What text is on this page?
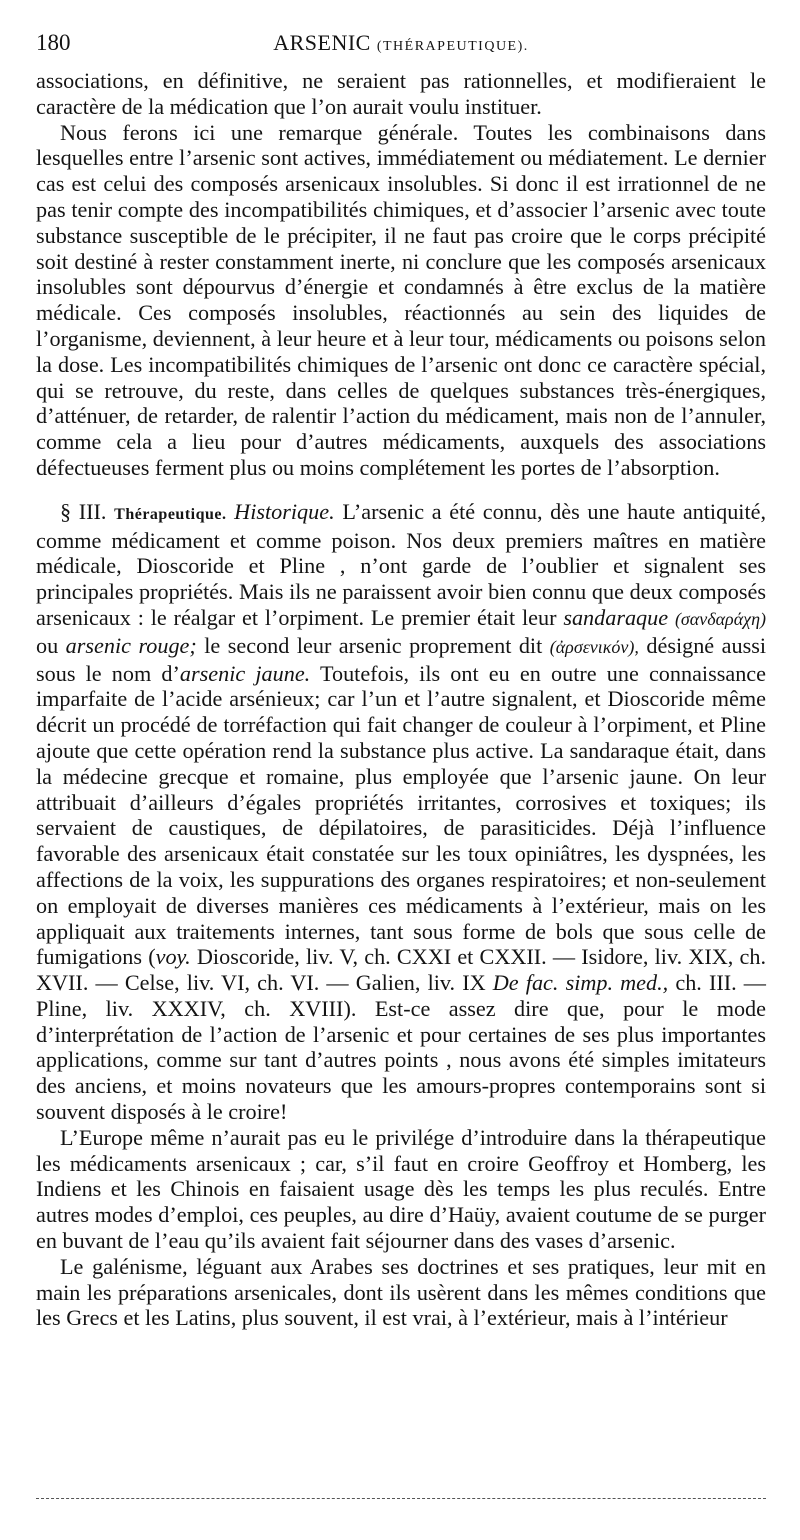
180	ARSENIC (THÉRAPEUTIQUE).

associations, en définitive, ne seraient pas rationnelles, et modifieraient le caractère de la médication que l’on aurait voulu instituer.

Nous ferons ici une remarque générale. Toutes les combinaisons dans lesquelles entre l’arsenic sont actives, immédiatement ou médiatement. Le dernier cas est celui des composés arsenicaux insolubles. Si donc il est irrationnel de ne pas tenir compte des incompatibilités chimiques, et d’associer l’arsenic avec toute substance susceptible de le précipiter, il ne faut pas croire que le corps précipité soit destiné à rester constamment inerte, ni conclure que les composés arsenicaux insolubles sont dépourvus d’énergie et condamnés à être exclus de la matière médicale. Ces composés insolubles, réactionnés au sein des liquides de l’organisme, deviennent, à leur heure et à leur tour, médicaments ou poisons selon la dose. Les incompatibilités chimiques de l’arsenic ont donc ce caractère spécial, qui se retrouve, du reste, dans celles de quelques substances très-énergiques, d’atténuer, de retarder, de ralentir l’action du médicament, mais non de l’annuler, comme cela a lieu pour d’autres médicaments, auxquels des associations défectueuses ferment plus ou moins complétement les portes de l’absorption.

§ III. Thérapeutique. Historique. L’arsenic a été connu, dès une haute antiquité, comme médicament et comme poison. Nos deux premiers maîtres en matière médicale, Dioscoride et Pline , n’ont garde de l’oublier et signalent ses principales propriétés. Mais ils ne paraissent avoir bien connu que deux composés arsenicaux : le réalgar et l’orpiment. Le premier était leur sandaraque (σανδαράχη) ou arsenic rouge; le second leur arsenic proprement dit (ἀρσενικόν), désigné aussi sous le nom d’arsenic jaune. Toutefois, ils ont eu en outre une connaissance imparfaite de l’acide arsénieux; car l’un et l’autre signalent, et Dioscoride même décrit un procédé de torréfaction qui fait changer de couleur à l’orpiment, et Pline ajoute que cette opération rend la substance plus active. La sandaraque était, dans la médecine grecque et romaine, plus employée que l’arsenic jaune. On leur attribuait d’ailleurs d’égales propriétés irritantes, corrosives et toxiques; ils servaient de caustiques, de dépilatoires, de parasiticides. Déjà l’influence favorable des arsenicaux était constatée sur les toux opiniâtres, les dyspnées, les affections de la voix, les suppurations des organes respiratoires; et non-seulement on employait de diverses manières ces médicaments à l’extérieur, mais on les appliquait aux traitements internes, tant sous forme de bols que sous celle de fumigations (voy. Dioscoride, liv. V, ch. CXXI et CXXII. — Isidore, liv. XIX, ch. XVII. — Celse, liv. VI, ch. VI. — Galien, liv. IX De fac. simp. med., ch. III. — Pline, liv. XXXIV, ch. XVIII). Est-ce assez dire que, pour le mode d’interprétation de l’action de l’arsenic et pour certaines de ses plus importantes applications, comme sur tant d’autres points , nous avons été simples imitateurs des anciens, et moins novateurs que les amours-propres contemporains sont si souvent disposés à le croire!

L’Europe même n’aurait pas eu le privilége d’introduire dans la thérapeutique les médicaments arsenicaux ; car, s’il faut en croire Geoffroy et Homberg, les Indiens et les Chinois en faisaient usage dès les temps les plus reculés. Entre autres modes d’emploi, ces peuples, au dire d’Haüy, avaient coutume de se purger en buvant de l’eau qu’ils avaient fait séjourner dans des vases d’arsenic.

Le galénisme, léguant aux Arabes ses doctrines et ses pratiques, leur mit en main les préparations arsenicales, dont ils usèrent dans les mêmes conditions que les Grecs et les Latins, plus souvent, il est vrai, à l’extérieur, mais à l’intérieur
